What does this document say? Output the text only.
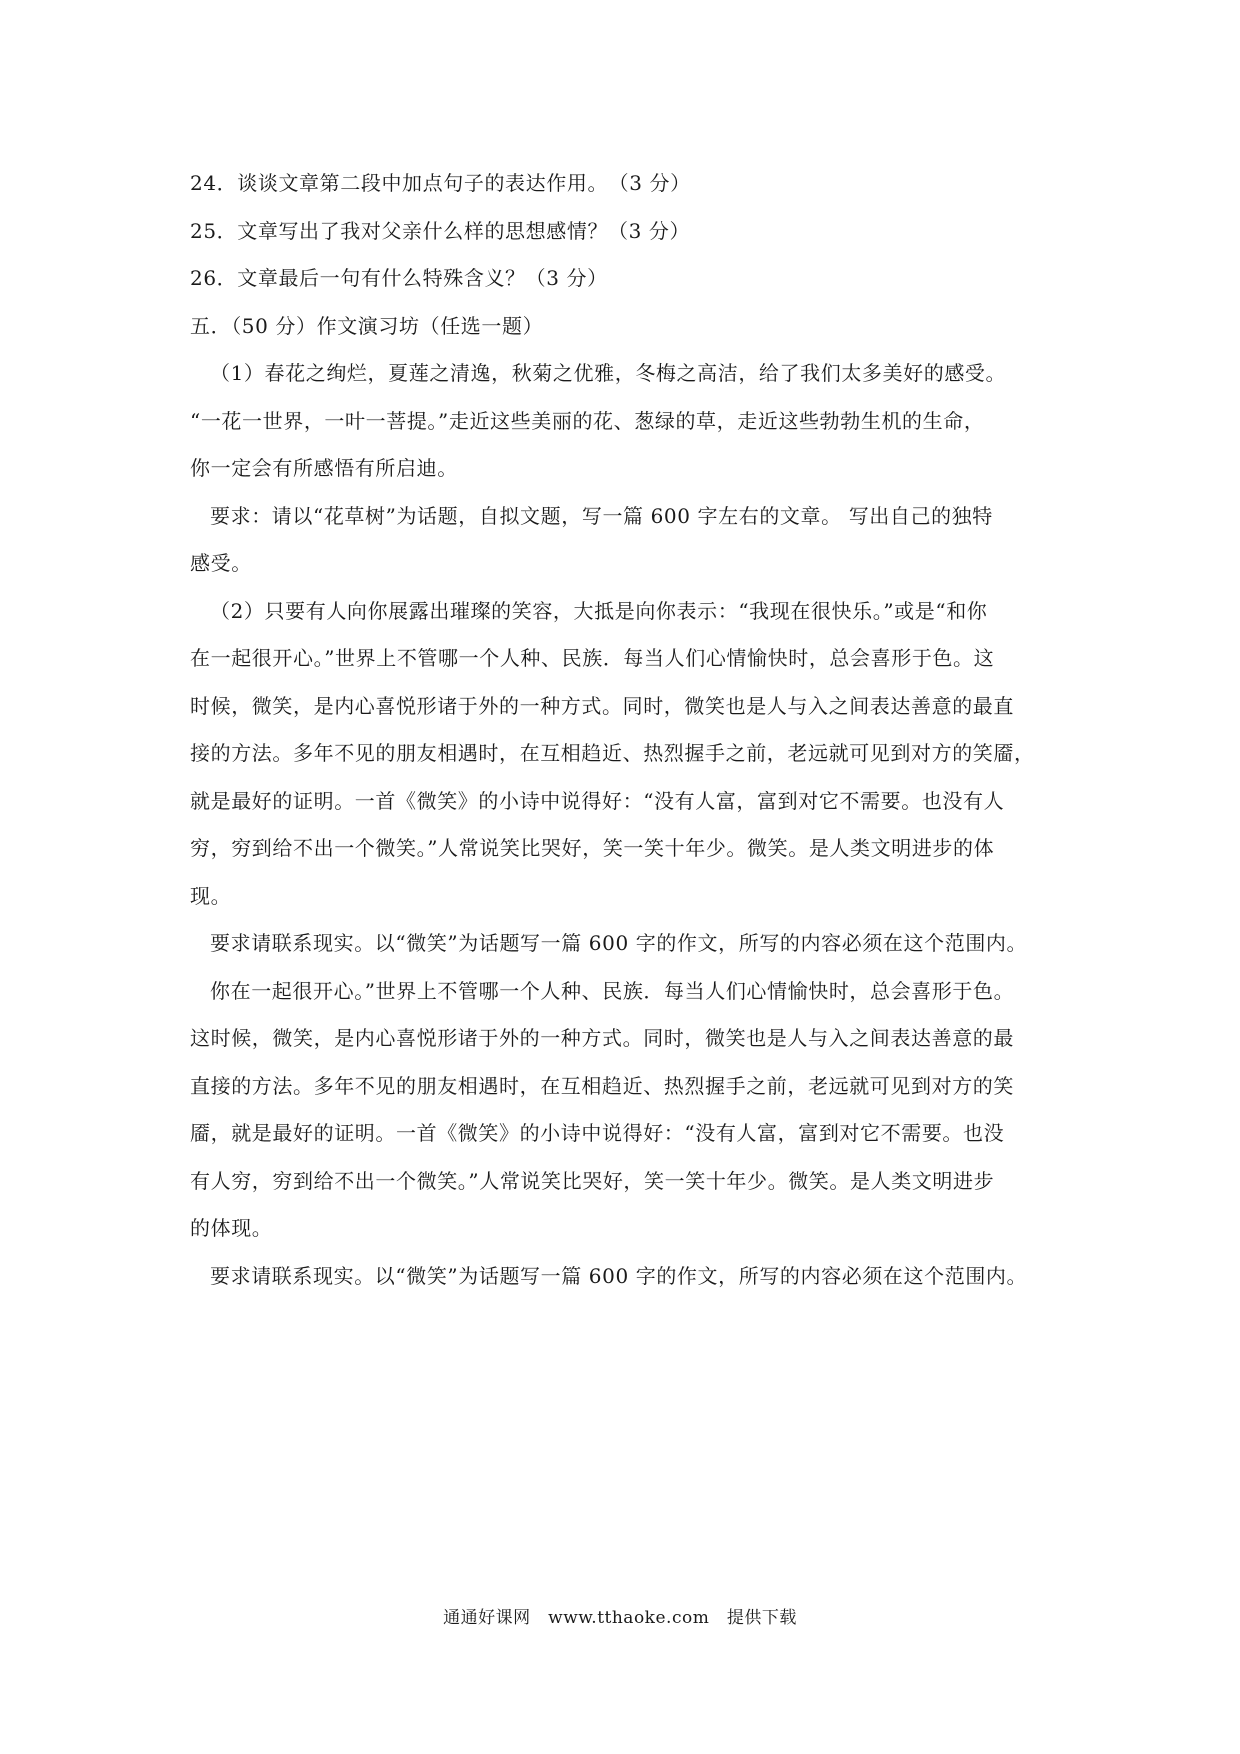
24．谈谈文章第二段中加点句子的表达作用。　（3 分）
25．文章写出了我对父亲什么样的思想感情？（3 分）
26．文章最后一句有什么特殊含义？（3 分）
五．（50 分）作文演习坊（任选一题）
（1）春花之绚烂，夏莲之清逸，秋菊之优雅，冬梅之高洁，给了我们太多美好的感受。
“一花一世界，一叶一菩提。”走近这些美丽的花、葱绿的草，走近这些勃勃生机的生命，
你一定会有所感悟有所启迪。
要求：请以“花草树”为话题，自拟文题，写一篇 600 字左右的文章。 写出自己的独特
感受。
（2）只要有人向你展露出璀璨的笑容，大抵是向你表示：“我现在很快乐。”或是“和你
在一起很开心。”世界上不管哪一个人种、民族．每当人们心情愉快时，总会喜形于色。这
时候，微笑，是内心喜悦形诸于外的一种方式。同时，微笑也是人与入之间表达善意的最直
接的方法。多年不见的朋友相遇时，在互相趋近、热烈握手之前，老远就可见到对方的笑靥，
就是最好的证明。一首《微笑》的小诗中说得好：“没有人富，富到对它不需要。也没有人
穷，穷到给不出一个微笑。”人常说笑比哭好，笑一笑十年少。微笑。是人类文明进步的体
现。
要求请联系现实。以“微笑”为话题写一篇 600 字的作文，所写的内容必须在这个范围内。
你在一起很开心。”世界上不管哪一个人种、民族．每当人们心情愉快时，总会喜形于色。
这时候，微笑，是内心喜悦形诸于外的一种方式。同时，微笑也是人与入之间表达善意的最
直接的方法。多年不见的朋友相遇时，在互相趋近、热烈握手之前，老远就可见到对方的笑
靥，就是最好的证明。一首《微笑》的小诗中说得好：“没有人富，富到对它不需要。也没
有人穷，穷到给不出一个微笑。”人常说笑比哭好，笑一笑十年少。微笑。是人类文明进步
的体现。
要求请联系现实。以“微笑”为话题写一篇 600 字的作文，所写的内容必须在这个范围内。
通通好课网　www.tthaoke.com　提供下载
